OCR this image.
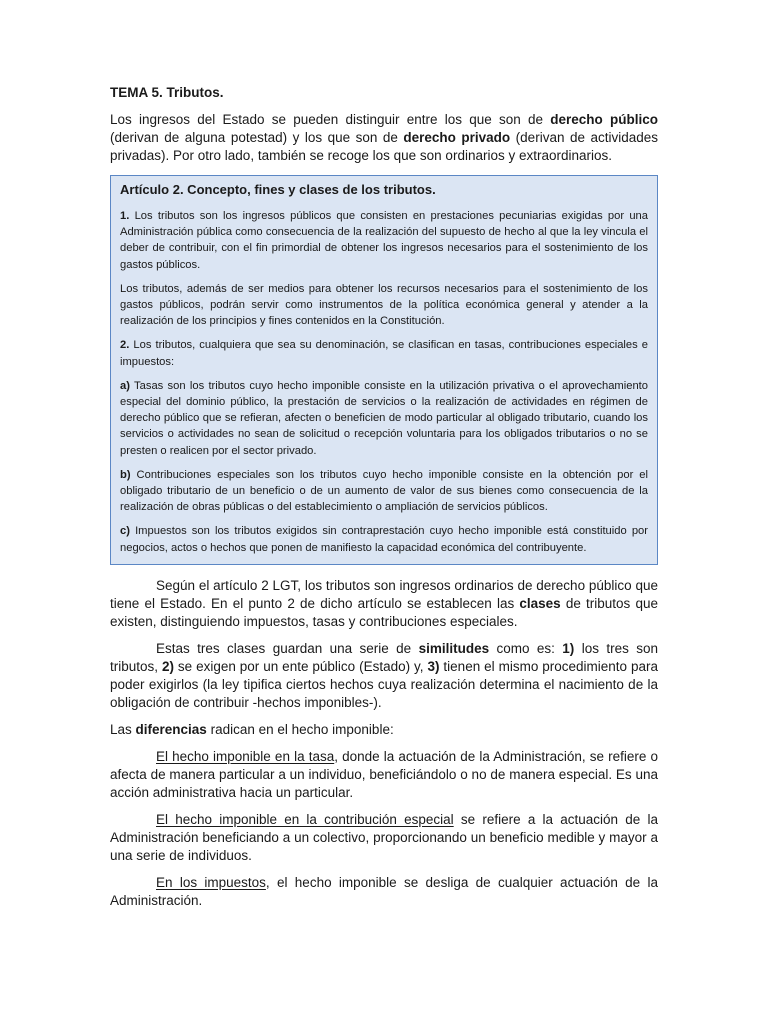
TEMA 5. Tributos.

Los ingresos del Estado se pueden distinguir entre los que son de derecho público (derivan de alguna potestad) y los que son de derecho privado (derivan de actividades privadas). Por otro lado, también se recoge los que son ordinarios y extraordinarios.

Artículo 2. Concepto, fines y clases de los tributos.

1. Los tributos son los ingresos públicos que consisten en prestaciones pecuniarias exigidas por una Administración pública como consecuencia de la realización del supuesto de hecho al que la ley vincula el deber de contribuir, con el fin primordial de obtener los ingresos necesarios para el sostenimiento de los gastos públicos.

Los tributos, además de ser medios para obtener los recursos necesarios para el sostenimiento de los gastos públicos, podrán servir como instrumentos de la política económica general y atender a la realización de los principios y fines contenidos en la Constitución.

2. Los tributos, cualquiera que sea su denominación, se clasifican en tasas, contribuciones especiales e impuestos:

a) Tasas son los tributos cuyo hecho imponible consiste en la utilización privativa o el aprovechamiento especial del dominio público, la prestación de servicios o la realización de actividades en régimen de derecho público que se refieran, afecten o beneficien de modo particular al obligado tributario, cuando los servicios o actividades no sean de solicitud o recepción voluntaria para los obligados tributarios o no se presten o realicen por el sector privado.

b) Contribuciones especiales son los tributos cuyo hecho imponible consiste en la obtención por el obligado tributario de un beneficio o de un aumento de valor de sus bienes como consecuencia de la realización de obras públicas o del establecimiento o ampliación de servicios públicos.

c) Impuestos son los tributos exigidos sin contraprestación cuyo hecho imponible está constituido por negocios, actos o hechos que ponen de manifiesto la capacidad económica del contribuyente.

Según el artículo 2 LGT, los tributos son ingresos ordinarios de derecho público que tiene el Estado. En el punto 2 de dicho artículo se establecen las clases de tributos que existen, distinguiendo impuestos, tasas y contribuciones especiales.

Estas tres clases guardan una serie de similitudes como es: 1) los tres son tributos, 2) se exigen por un ente público (Estado) y, 3) tienen el mismo procedimiento para poder exigirlos (la ley tipifica ciertos hechos cuya realización determina el nacimiento de la obligación de contribuir -hechos imponibles-).

Las diferencias radican en el hecho imponible:

El hecho imponible en la tasa, donde la actuación de la Administración, se refiere o afecta de manera particular a un individuo, beneficiándolo o no de manera especial. Es una acción administrativa hacia un particular.

El hecho imponible en la contribución especial se refiere a la actuación de la Administración beneficiando a un colectivo, proporcionando un beneficio medible y mayor a una serie de individuos.

En los impuestos, el hecho imponible se desliga de cualquier actuación de la Administración.
